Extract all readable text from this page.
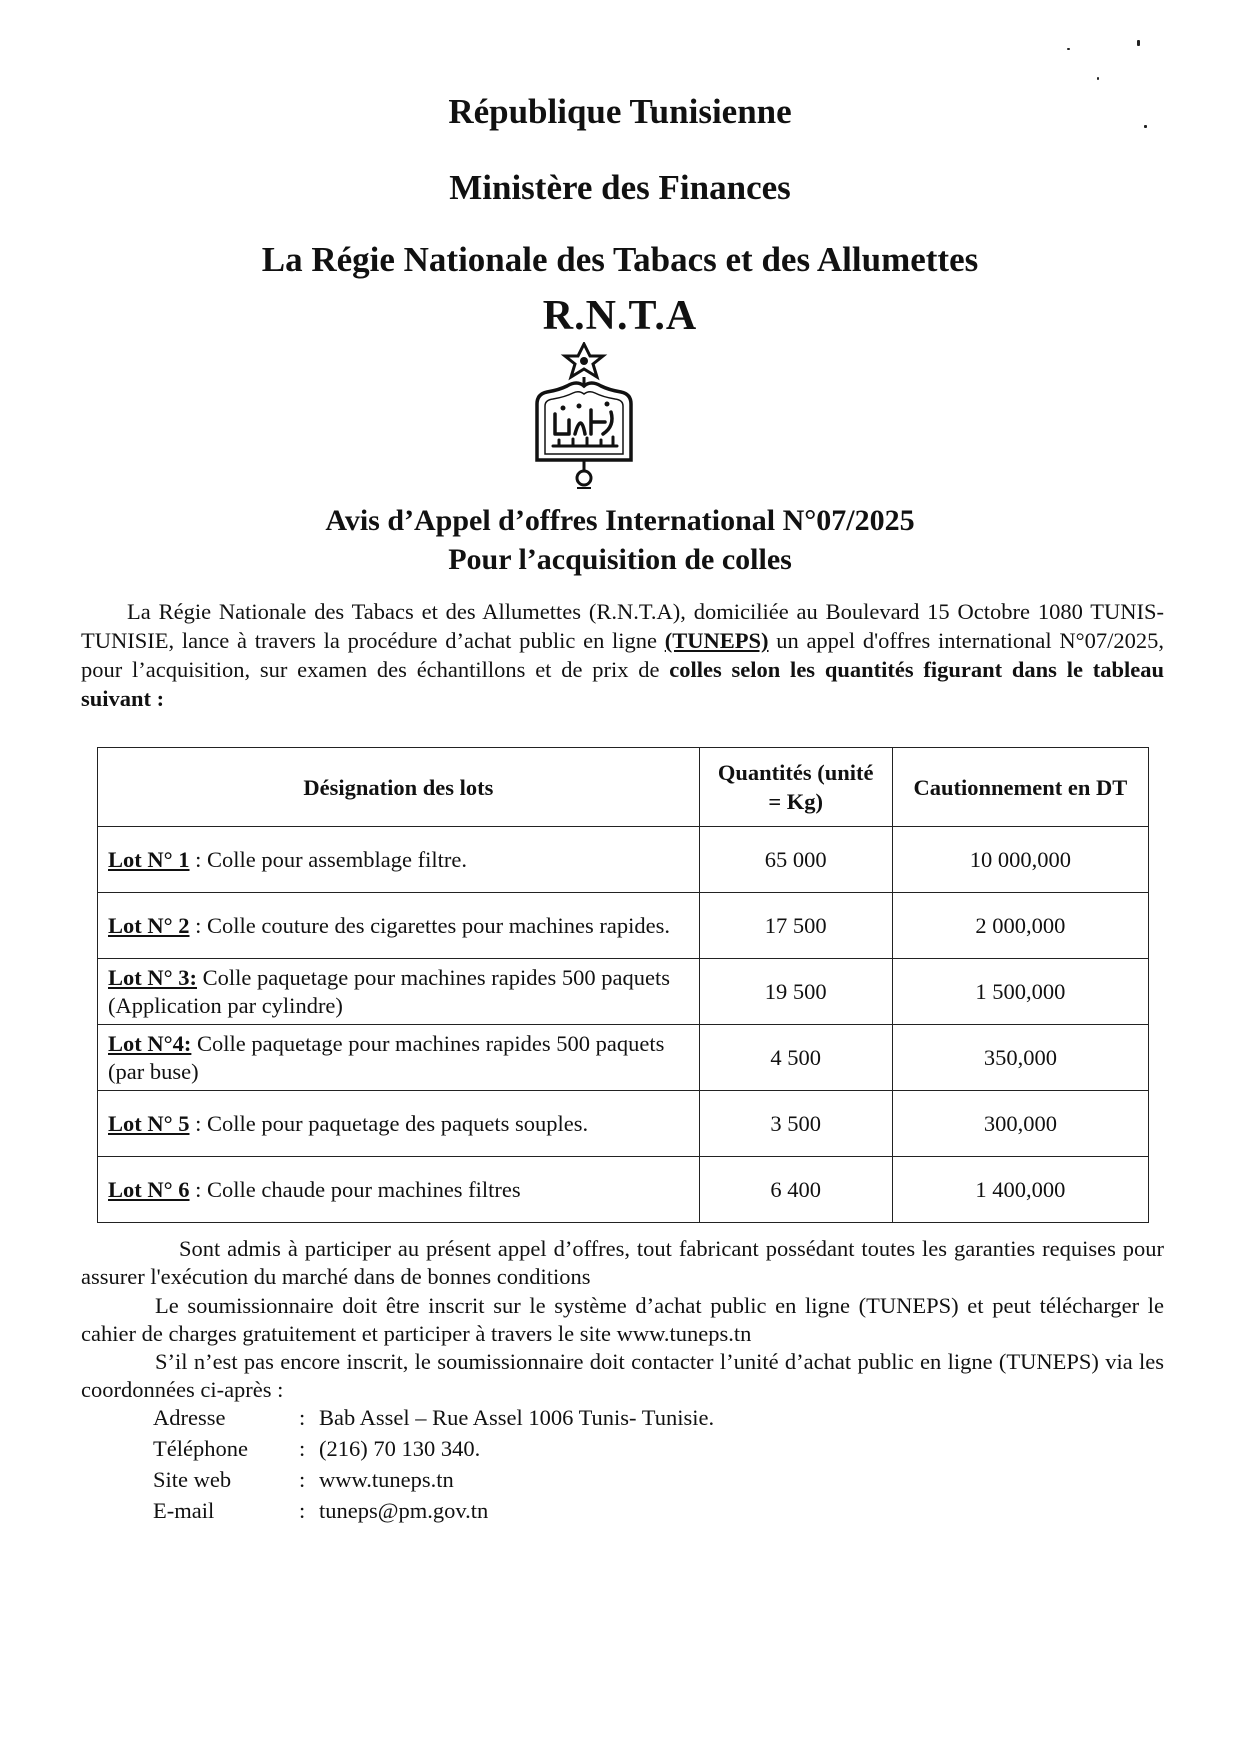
République Tunisienne
Ministère des Finances
La Régie Nationale des Tabacs et des Allumettes
R.N.T.A
Avis d’Appel d’offres International N°07/2025
Pour l’acquisition de colles
La Régie Nationale des Tabacs et des Allumettes (R.N.T.A), domiciliée au Boulevard 15 Octobre 1080 TUNIS-TUNISIE, lance à travers la procédure d’achat public en ligne (TUNEPS) un appel d'offres international N°07/2025, pour l’acquisition, sur examen des échantillons et de prix de colles selon les quantités figurant dans le tableau suivant :
Désignation des lots	Quantités (unité = Kg)	Cautionnement en DT
Lot N° 1 : Colle pour assemblage filtre.	65 000	10 000,000
Lot N° 2 : Colle couture des cigarettes pour machines rapides.	17 500	2 000,000
Lot N° 3: Colle paquetage pour machines rapides 500 paquets (Application par cylindre)	19 500	1 500,000
Lot N°4: Colle paquetage pour machines rapides 500 paquets (par buse)	4 500	350,000
Lot N° 5 : Colle pour paquetage des paquets souples.	3 500	300,000
Lot N° 6 : Colle chaude pour machines filtres	6 400	1 400,000
Sont admis à participer au présent appel d’offres, tout fabricant possédant toutes les garanties requises pour assurer l'exécution du marché dans de bonnes conditions
Le soumissionnaire doit être inscrit sur le système d’achat public en ligne (TUNEPS) et peut télécharger le cahier de charges gratuitement et participer à travers le site www.tuneps.tn
S’il n’est pas encore inscrit, le soumissionnaire doit contacter l’unité d’achat public en ligne (TUNEPS) via les coordonnées ci-après :
Adresse	: Bab Assel – Rue Assel 1006 Tunis- Tunisie.
Téléphone	: (216) 70 130 340.
Site web	: www.tuneps.tn
E-mail	: tuneps@pm.gov.tn
